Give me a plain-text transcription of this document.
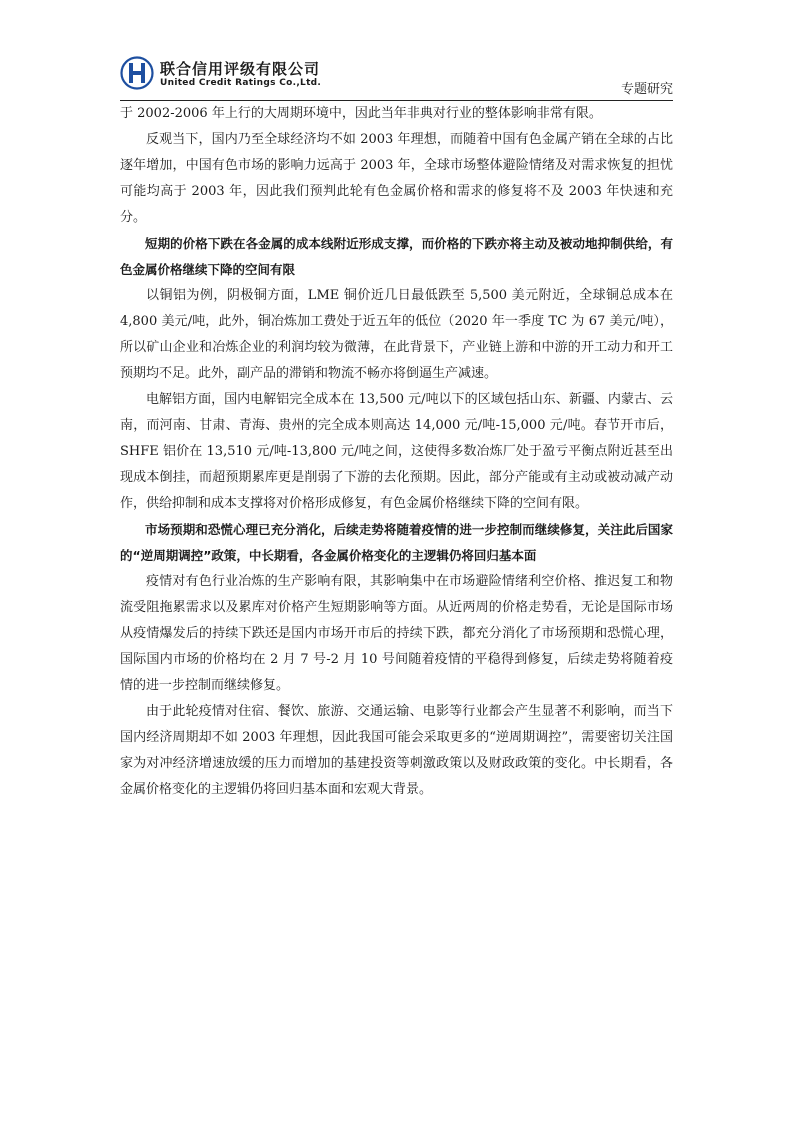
联合信用评级有限公司
United Credit Ratings Co.,Ltd.	专题研究

于 2002-2006 年上行的大周期环境中，因此当年非典对行业的整体影响非常有限。

反观当下，国内乃至全球经济均不如 2003 年理想，而随着中国有色金属产销在全球的占比逐年增加，中国有色市场的影响力远高于 2003 年，全球市场整体避险情绪及对需求恢复的担忧可能均高于 2003 年，因此我们预判此轮有色金属价格和需求的修复将不及 2003 年快速和充分。

短期的价格下跌在各金属的成本线附近形成支撑，而价格的下跌亦将主动及被动地抑制供给，有色金属价格继续下降的空间有限

以铜铝为例，阴极铜方面，LME 铜价近几日最低跌至 5,500 美元附近，全球铜总成本在 4,800 美元/吨，此外，铜冶炼加工费处于近五年的低位（2020 年一季度 TC 为 67 美元/吨），所以矿山企业和冶炼企业的利润均较为微薄，在此背景下，产业链上游和中游的开工动力和开工预期均不足。此外，副产品的滞销和物流不畅亦将倒逼生产减速。

电解铝方面，国内电解铝完全成本在 13,500 元/吨以下的区域包括山东、新疆、内蒙古、云南，而河南、甘肃、青海、贵州的完全成本则高达 14,000 元/吨-15,000 元/吨。春节开市后，SHFE 铝价在 13,510 元/吨-13,800 元/吨之间，这使得多数冶炼厂处于盈亏平衡点附近甚至出现成本倒挂，而超预期累库更是削弱了下游的去化预期。因此，部分产能或有主动或被动减产动作，供给抑制和成本支撑将对价格形成修复，有色金属价格继续下降的空间有限。

市场预期和恐慌心理已充分消化，后续走势将随着疫情的进一步控制而继续修复，关注此后国家的“逆周期调控”政策，中长期看，各金属价格变化的主逻辑仍将回归基本面

疫情对有色行业冶炼的生产影响有限，其影响集中在市场避险情绪利空价格、推迟复工和物流受阻拖累需求以及累库对价格产生短期影响等方面。从近两周的价格走势看，无论是国际市场从疫情爆发后的持续下跌还是国内市场开市后的持续下跌，都充分消化了市场预期和恐慌心理，国际国内市场的价格均在 2 月 7 号-2 月 10 号间随着疫情的平稳得到修复，后续走势将随着疫情的进一步控制而继续修复。

由于此轮疫情对住宿、餐饮、旅游、交通运输、电影等行业都会产生显著不利影响，而当下国内经济周期却不如 2003 年理想，因此我国可能会采取更多的“逆周期调控”，需要密切关注国家为对冲经济增速放缓的压力而增加的基建投资等刺激政策以及财政政策的变化。中长期看，各金属价格变化的主逻辑仍将回归基本面和宏观大背景。
